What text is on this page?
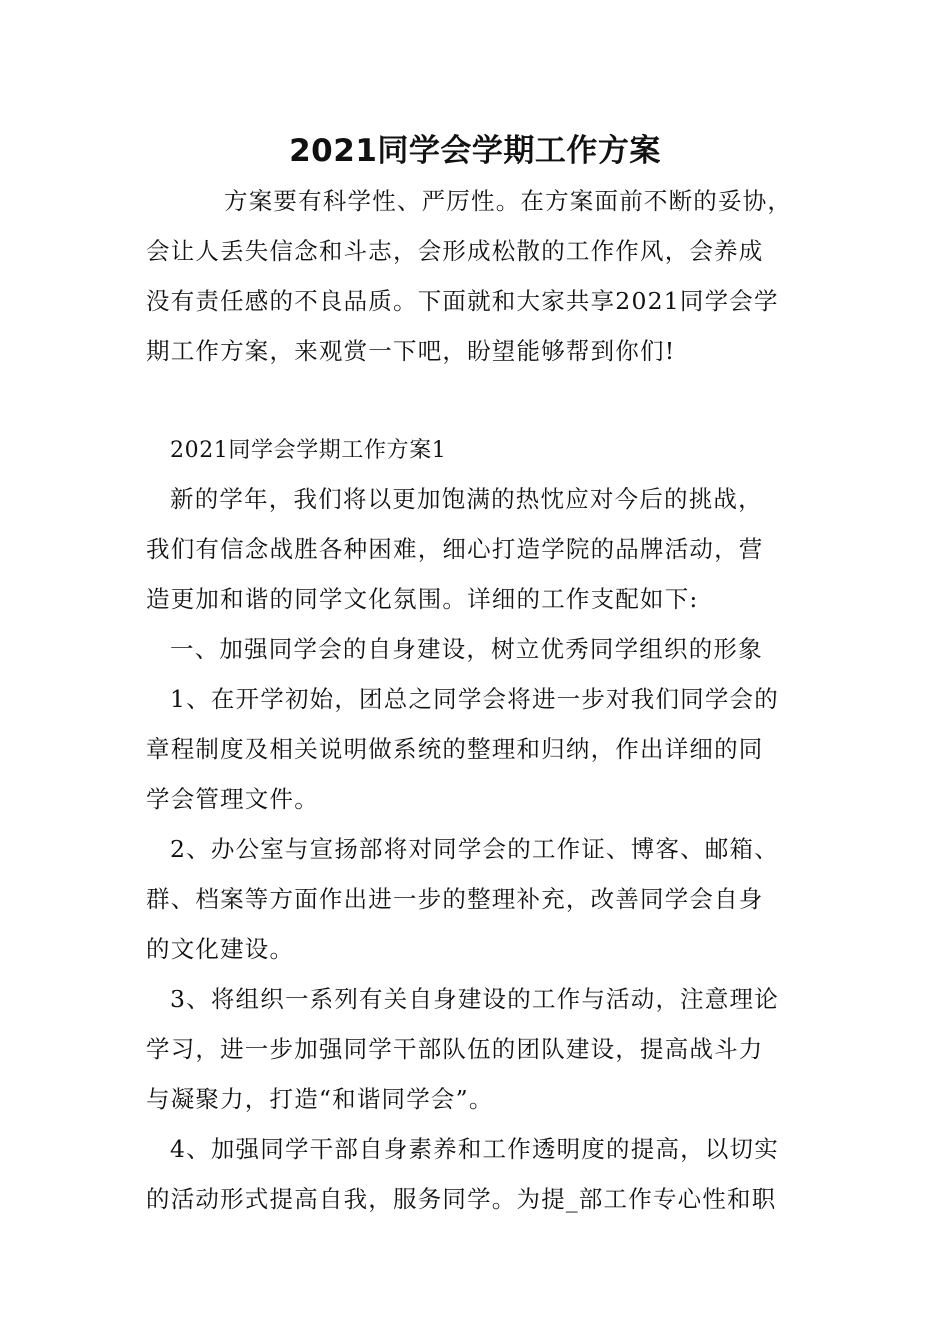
2021同学会学期工作方案

方案要有科学性、严厉性。在方案面前不断的妥协，

会让人丢失信念和斗志，会形成松散的工作作风，会养成

没有责任感的不良品质。下面就和大家共享2021同学会学

期工作方案，来观赏一下吧，盼望能够帮到你们!

2021同学会学期工作方案1

新的学年，我们将以更加饱满的热忱应对今后的挑战，

我们有信念战胜各种困难，细心打造学院的品牌活动，营

造更加和谐的同学文化氛围。详细的工作支配如下:

一、加强同学会的自身建设，树立优秀同学组织的形象

1、在开学初始，团总之同学会将进一步对我们同学会的

章程制度及相关说明做系统的整理和归纳，作出详细的同

学会管理文件。

2、办公室与宣扬部将对同学会的工作证、博客、邮箱、

群、档案等方面作出进一步的整理补充，改善同学会自身

的文化建设。

3、将组织一系列有关自身建设的工作与活动，注意理论

学习，进一步加强同学干部队伍的团队建设，提高战斗力

与凝聚力，打造“和谐同学会”。

4、加强同学干部自身素养和工作透明度的提高，以切实

的活动形式提高自我，服务同学。为提_部工作专心性和职
